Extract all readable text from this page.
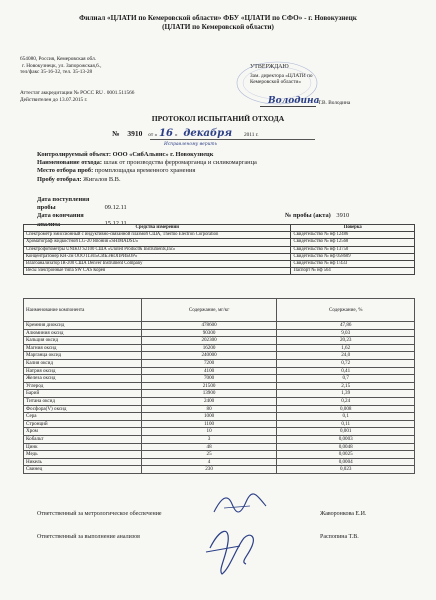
Филиал «ЦЛАТИ по Кемеровской области» ФБУ «ЦЛАТИ по СФО» - г. Новокузнецк
(ЦЛАТИ по Кемеровской области)
654080, Россия, Кемеровская обл.
г. Новокузнецк, ул. Запорожская,6.,
тел/факс 35-16-32, тел. 35-13-28
Аттестат аккредитации № РОСС RU . 0001.511566
Действителен до 13.07.2015 г.
УТВЕРЖДАЮ
Зам. директора «ЦЛАТИ по
Кемеровской области»
Володина
Т.В. Володина
ПРОТОКОЛ ИСПЫТАНИЙ ОТХОДА
№ 3910 от « 16 » декабря 2011 г.
Исправленому верить
Контролируемый объект: ООО «СибАльянс» г. Новокузнецк
Наименование отхода: шлак от производства ферромарганца и силикомарганца
Место отбора проб: промплощадка временного хранения
Пробу отобрал: Жигалов В.В.
Дата поступления пробы	09.12.11
Дата окончания анализа	15.12.11
№ пробы (акта) 3910
Средства измерений	Поверка
Спектрометр эмиссионный с индуктивно-связанной плазмой США, Thermo Electron Corporation	Свидетельство № нф 12486
Хроматограф жидкостной LG-20 Япония «SHIMADSU»	Свидетельство № нф 12568
Спектрофотометры UNIKO S2100 США «United Product& Instruments,Inc»	Свидетельство № нф 13750
Концентратомер КН-2м ООО ПЭП«СИБЭКОПРИБОР»	Свидетельство № нф 058609
Влагоанализатор IR-200 США Denver Instrument Company	Свидетельство № нф 1/433
Весы электронные типа SW CAS Корея	Паспорт № нф 564
Наименование компонента	Содержание, мг/кг	Содержание, %
Кремния диоксид	478600	47,86
Алюминия оксид	90300	9,03
Кальция оксид	202300	20,23
Магния оксид	16200	1,62
Марганца оксид	240000	24,0
Калия оксид	7200	0,72
Натрия оксид	4100	0,41
Железа оксид	7000	0,7
Углерод	21500	2,15
Барий	13900	1,39
Титана оксид	2400	0,24
Фосфора(V) оксид	80	0,008
Сера	1000	0,1
Стронций	1100	0,11
Хром	10	0,001
Кобальт	3	0,0003
Цинк	48	0,0048
Медь	25	0,0025
Никель	4	0,0004
Свинец	230	0,023
Ответственный за метрологическое обеспечение	Жаворонкова Е.И.
Ответственный за выполнение анализов	Распопина Т.В.
